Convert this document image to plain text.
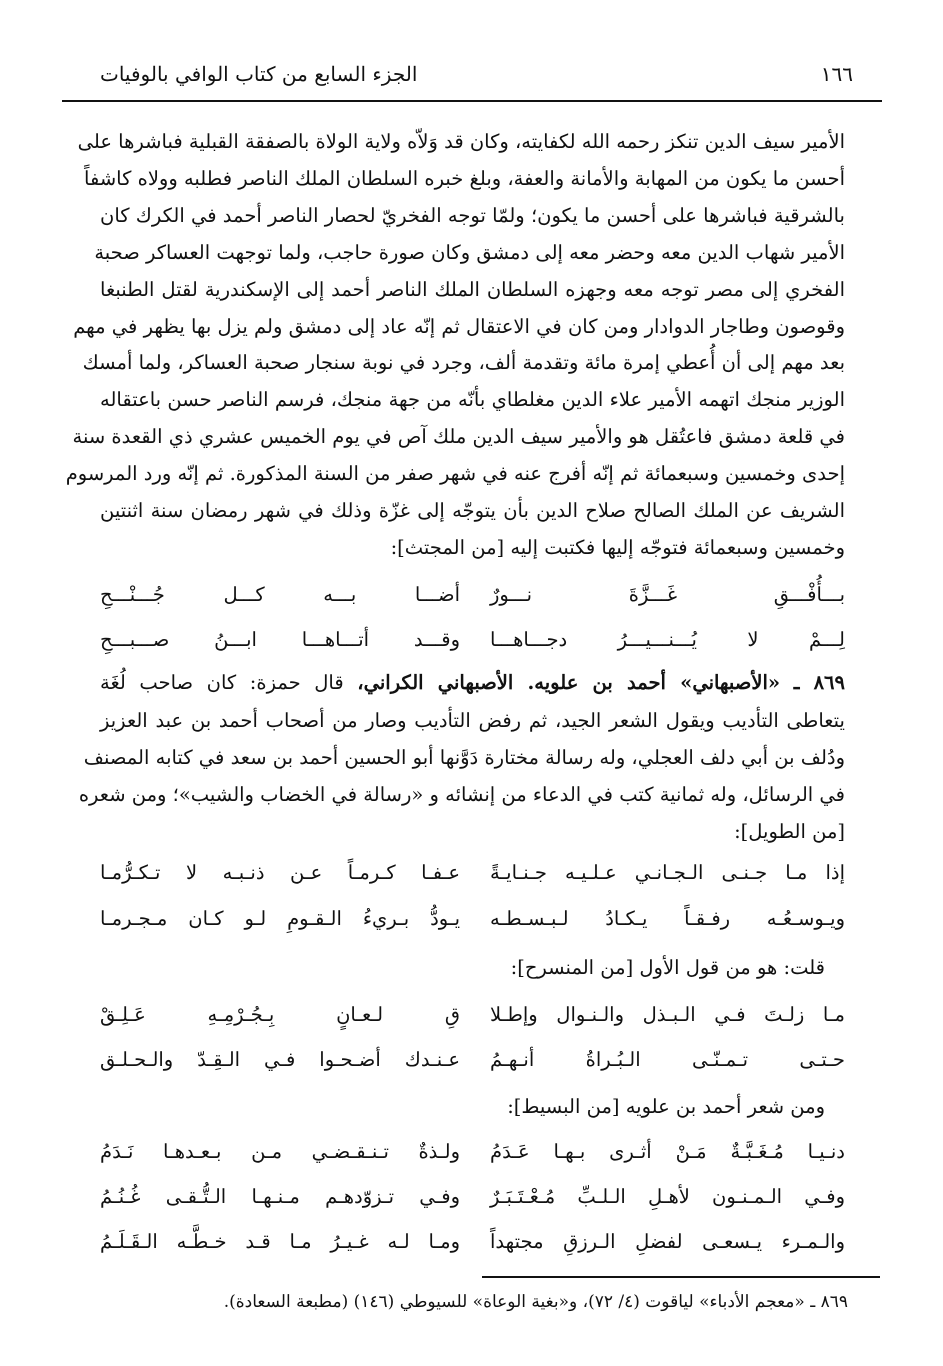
١٦٦
الجزء السابع من كتاب الوافي بالوفيات
الأمير سيف الدين تنكز رحمه الله لكفايته، وكان قد وَلاّه ولاية الولاة بالصفقة القبلية فباشرها على
أحسن ما يكون من المهابة والأمانة والعفة، وبلغ خبره السلطان الملك الناصر فطلبه وولاه كاشفاً
بالشرقية فباشرها على أحسن ما يكون؛ ولمّا توجه الفخريّ لحصار الناصر أحمد في الكرك كان
الأمير شهاب الدين معه وحضر معه إلى دمشق وكان صورة حاجب، ولما توجهت العساكر صحبة
الفخري إلى مصر توجه معه وجهزه السلطان الملك الناصر أحمد إلى الإسكندرية لقتل الطنبغا
وقوصون وطاجار الدوادار ومن كان في الاعتقال ثم إنّه عاد إلى دمشق ولم يزل بها يظهر في مهم
بعد مهم إلى أن أُعطي إمرة مائة وتقدمة ألف، وجرد في نوبة سنجار صحبة العساكر، ولما أمسك
الوزير منجك اتهمه الأمير علاء الدين مغلطاي بأنّه من جهة منجك، فرسم الناصر حسن باعتقاله
في قلعة دمشق فاعتُقل هو والأمير سيف الدين ملك آص في يوم الخميس عشري ذي القعدة سنة
إحدى وخمسين وسبعمائة ثم إنّه أفرج عنه في شهر صفر من السنة المذكورة. ثم إنّه ورد المرسوم
الشريف عن الملك الصالح صلاح الدين بأن يتوجّه إلى غزّة وذلك في شهر رمضان سنة اثنتين
وخمسين وسبعمائة فتوجّه إليها فكتبت إليه [من المجتث]:
بـــأُفْـــقِ غَـــزَّةَ نـــورٌ
أضـــا بـــه كـــل جُـــنْـــحِ
لِـــمْ لا يُـــنـــيـــرُ دجـــاهـــا
وقـــد أتـــاهـــا ابـــنُ صـــبـــحِ
٨٦٩ ـ «الأصبهاني» أحمد بن علويه. الأصبهاني الكراني، قال حمزة: كان صاحب لُغَة
يتعاطى التأديب ويقول الشعر الجيد، ثم رفض التأديب وصار من أصحاب أحمد بن عبد العزيز
ودُلف بن أبي دلف العجلي، وله رسالة مختارة دَوَّنها أبو الحسين أحمد بن سعد في كتابه المصنف
في الرسائل، وله ثمانية كتب في الدعاء من إنشائه و «رسالة في الخضاب والشيب»؛ ومن شعره
[من الطويل]:
إذا مـا جـنـى الـجـانـي عـلـيـه جـنـايـةً
عـفـا كـرمـاً عـن ذنـبـه لا تـكـرُّمـا
ويـوسـعُـه رفـقـاً يـكـادُ لـبـسـطـه
يـودُّ بـريءُ الـقـومِ لـو كـان مـجـرمـا
قلت: هو من قول الأول [من المنسرح]:
مـا زلـتَ فـي الـبـذل والـنـوال وإطـلا
قِ لـعـانٍ بِـجُـرْمِـهِ عَـلِـقْ
حـتـى تـمـنّـى الـبُـراةُ أنـهـمُ
عـنـدك أضـحـوا فـي الـقِـدّ والـحـلـق
ومن شعر أحمد بن علويه [من البسيط]:
دنـيـا مُـغَـبَّـةٌ مَـنْ أثـرى بـهـا عَـدَمُ
ولـذةٌ تـنـقـضـي مـن بـعـدهـا نَـدَمُ
وفـي الـمـنـون لأهـلِ الـلـبِّ مُـعْـتَـبَـرٌ
وفـي تـزوّدهـم مـنـهـا الـتُّـقـى غُـنُـمُ
والـمـرء يـسعـى لفضلِ الـرزقِ مجتهداً
ومـا لـه غـيـرُ مـا قـد خـطَّـه الـقَـلَـمُ
٨٦٩ ـ «معجم الأدباء» لياقوت (٤/ ٧٢)، و«بغية الوعاة» للسيوطي (١٤٦) (مطبعة السعادة).
